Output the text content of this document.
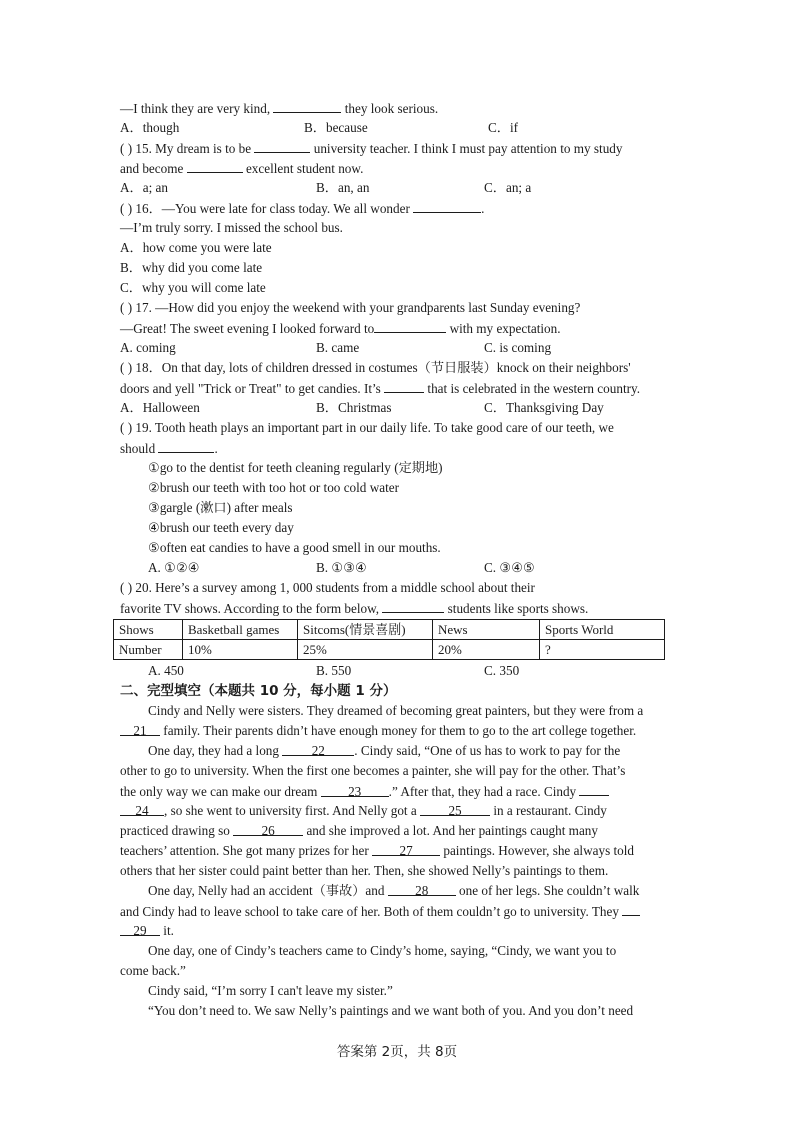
—I think they are very kind,	they look serious.
A．though	B．because	C．if
( ) 15. My dream is to be	university teacher. I think I must pay attention to my study
and become	excellent student now.
A．a; an	B．an, an	C．an; a
( ) 16．—You were late for class today. We all wonder	.
—I’m truly sorry. I missed the school bus.
A．how come you were late
B．why did you come late
C．why you will come late
( ) 17. —How did you enjoy the weekend with your grandparents last Sunday evening?
—Great! The sweet evening I looked forward to	with my expectation.
A. coming	B. came	C. is coming
( ) 18．On that day, lots of children dressed in costumes（节日服装）knock on their neighbors'
doors and yell "Trick or Treat" to get candies. It’s	that is celebrated in the western country.
A．Halloween	B．Christmas	C．Thanksgiving Day
( ) 19. Tooth heath plays an important part in our daily life. To take good care of our teeth, we
should	.
①go to the dentist for teeth cleaning regularly (定期地)
②brush our teeth with too hot or too cold water
③gargle (漱口) after meals
④brush our teeth every day
⑤often eat candies to have a good smell in our mouths.
A. ①②④	B. ①③④	C. ③④⑤
( ) 20. Here’s a survey among 1, 000 students from a middle school about their
favorite TV shows. According to the form below,	students like sports shows.
Shows	Basketball games	Sitcoms(情景喜剧)	News	Sports World
Number	10%	25%	20%	?
A. 450	B. 550	C. 350
二、完型填空（本题共 10 分，每小题 1 分）
Cindy and Nelly were sisters. They dreamed of becoming great painters, but they were from a
21 family. Their parents didn’t have enough money for them to go to the art college together.
One day, they had a long 22 . Cindy said, “One of us has to work to pay for the
other to go to university. When the first one becomes a painter, she will pay for the other. That’s
the only way we can make our dream 23 .” After that, they had a race. Cindy
24 , so she went to university first. And Nelly got a 25 in a restaurant. Cindy
practiced drawing so 26 and she improved a lot. And her paintings caught many
teachers’ attention. She got many prizes for her 27 paintings. However, she always told
others that her sister could paint better than her. Then, she showed Nelly’s paintings to them.
One day, Nelly had an accident（事故）and 28 one of her legs. She couldn’t walk
and Cindy had to leave school to take care of her. Both of them couldn’t go to university. They
29 it.
One day, one of Cindy’s teachers came to Cindy’s home, saying, “Cindy, we want you to
come back.”
Cindy said, “I’m sorry I can't leave my sister.”
“You don’t need to. We saw Nelly’s paintings and we want both of you. And you don’t need
答案第 2页，共 8页
